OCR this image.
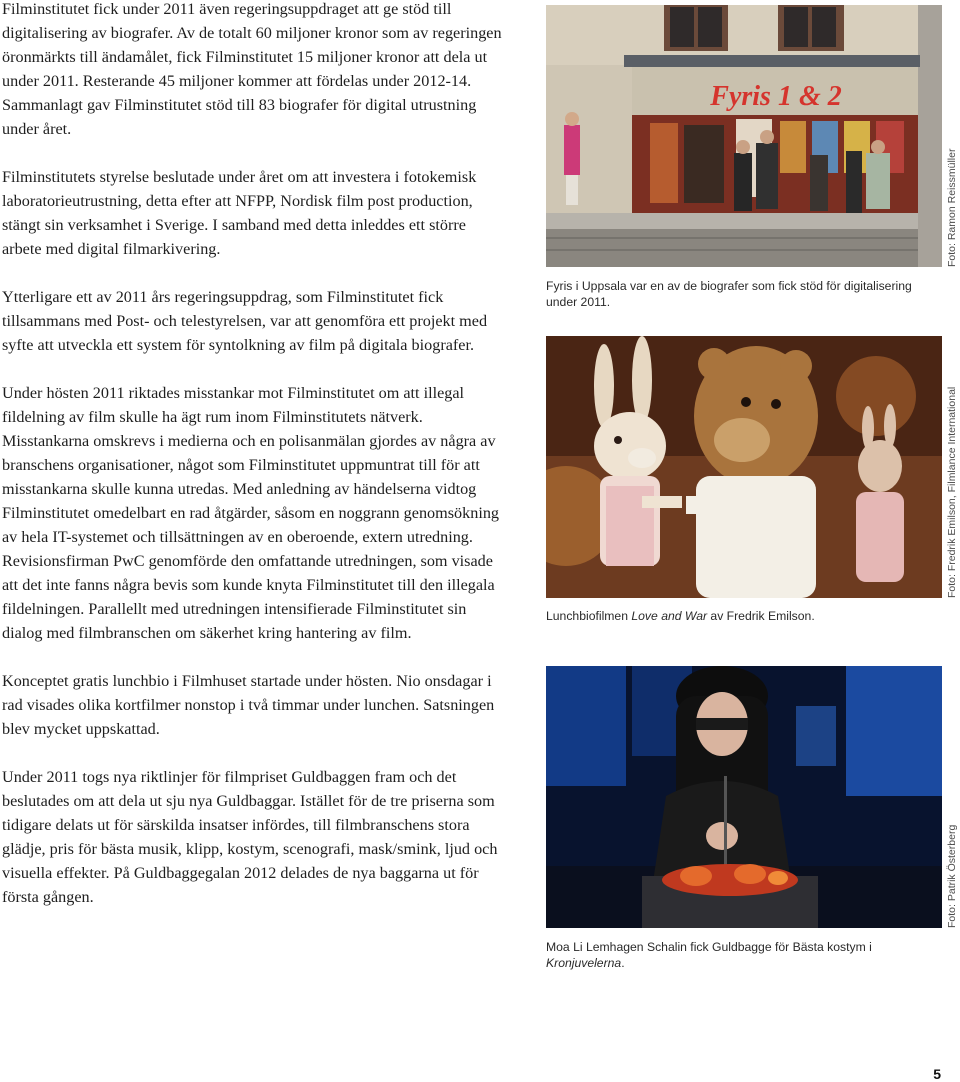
Filminstitutet fick under 2011 även regeringsuppdraget att ge stöd till digitalisering av biografer. Av de totalt 60 miljoner kronor som av regeringen öronmärkts till ändamålet, fick Filminstitutet 15 miljoner kronor att dela ut under 2011. Resterande 45 miljoner kommer att fördelas under 2012-14. Sammanlagt gav Filminstitutet stöd till 83 biografer för digital utrustning under året.

Filminstitutets styrelse beslutade under året om att investera i fotokemisk laboratorieutrustning, detta efter att NFPP, Nordisk film post production, stängt sin verksamhet i Sverige. I samband med detta inleddes ett större arbete med digital filmarkivering.

Ytterligare ett av 2011 års regeringsuppdrag, som Filminstitutet fick tillsammans med Post- och telestyrelsen, var att genomföra ett projekt med syfte att utveckla ett system för syntolkning av film på digitala biografer.

Under hösten 2011 riktades misstankar mot Filminstitutet om att illegal fildelning av film skulle ha ägt rum inom Filminstitutets nätverk. Misstankarna omskrevs i medierna och en polisanmälan gjordes av några av branschens organisationer, något som Filminstitutet uppmuntrat till för att misstankarna skulle kunna utredas. Med anledning av händelserna vidtog Filminstitutet omedelbart en rad åtgärder, såsom en noggrann genomsökning av hela IT-systemet och tillsättningen av en oberoende, extern utredning. Revisionsfirman PwC genomförde den omfattande utredningen, som visade att det inte fanns några bevis som kunde knyta Filminstitutet till den illegala fildelningen. Parallellt med utredningen intensifierade Filminstitutet sin dialog med filmbranschen om säkerhet kring hantering av film.

Konceptet gratis lunchbio i Filmhuset startade under hösten. Nio onsdagar i rad visades olika kortfilmer nonstop i två timmar under lunchen. Satsningen blev mycket uppskattad.

Under 2011 togs nya riktlinjer för filmpriset Guldbaggen fram och det beslutades om att dela ut sju nya Guldbaggar. Istället för de tre priserna som tidigare delats ut för särskilda insatser infördes, till filmbranschens stora glädje, pris för bästa musik, klipp, kostym, scenografi, mask/smink, ljud och visuella effekter. På Guldbaggegalan 2012 delades de nya baggarna ut för första gången.

Fyris 1 & 2
Fyris i Uppsala var en av de biografer som fick stöd för digitalisering under 2011.
Foto: Ramon Reissmüller
Lunchbiofilmen Love and War av Fredrik Emilson.
Foto: Fredrik Emilson, Filmlance International
Moa Li Lemhagen Schalin fick Guldbagge för Bästa kostym i Kronjuvelerna.
Foto: Patrik Österberg
5
